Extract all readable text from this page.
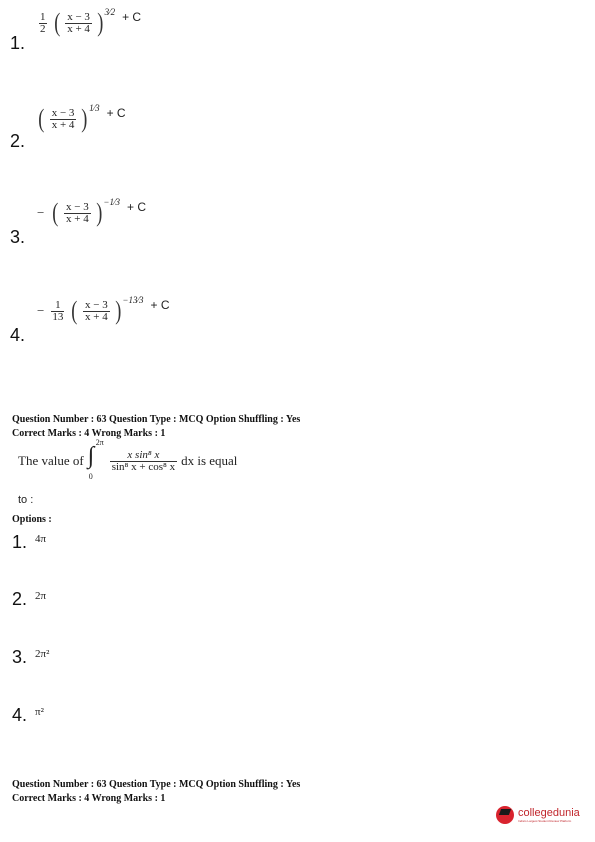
1.
$\frac{1}{2}$ ( $\frac{x - 3}{x + 4} )^{3⁄2}$ $^{+ C}$
2. ( $\frac{x - 3}{x + 4} )^{1⁄3}$ $^{+ C}$
3. − ( $\frac{x - 3}{x + 4} )^{-1⁄3}$ $^{+ C}$
4. − $\frac{1}{13}$ ( $\frac{x - 3}{x + 4} )^{-13⁄3}$ $^{+ C}$
Question Number : 63 Question Type : MCQ Option Shuffling : Yes
Correct Marks : 4 Wrong Marks : 1
The value of ∫
2π
0
$\frac{\text{x sin⁸ x}}{\text{sin⁸ x + cos⁸ x}}$ dx is equal
to :
Options :
1. $^{4\pi}$
2. $^{2\pi}$
3. $^{2\pi^2}$
4. $^{\pi^2}$
Question Number : 63 Question Type : MCQ Option Shuffling : Yes
Correct Marks : 4 Wrong Marks : 1
collegedunia
India's Largest Student Review Platform
